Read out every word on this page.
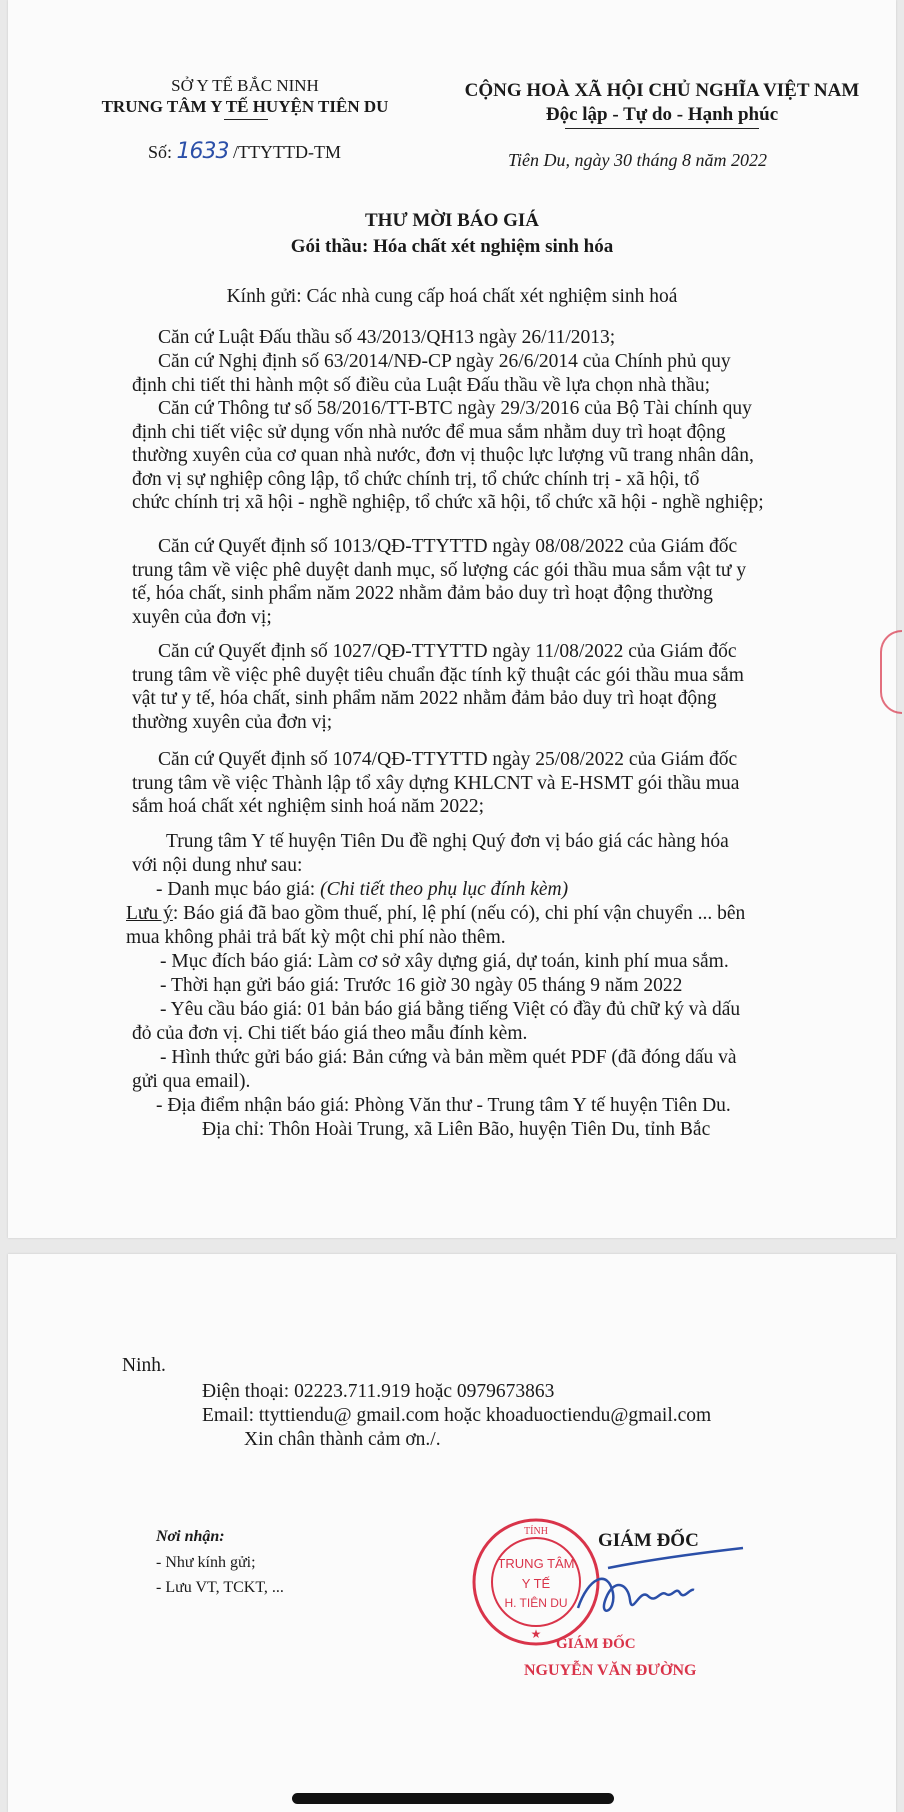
SỞ Y TẾ BẮC NINH
TRUNG TÂM Y TẾ HUYỆN TIÊN DU
Số: 1633 /TTYTTD-TM
CỘNG HOÀ XÃ HỘI CHỦ NGHĨA VIỆT NAM
Độc lập - Tự do - Hạnh phúc
Tiên Du, ngày 30 tháng 8 năm 2022
THƯ MỜI BÁO GIÁ
Gói thầu: Hóa chất xét nghiệm sinh hóa
Kính gửi: Các nhà cung cấp hoá chất xét nghiệm sinh hoá
Căn cứ Luật Đấu thầu số 43/2013/QH13 ngày 26/11/2013;
Căn cứ Nghị định số 63/2014/NĐ-CP ngày 26/6/2014 của Chính phủ quy
định chi tiết thi hành một số điều của Luật Đấu thầu về lựa chọn nhà thầu;
Căn cứ Thông tư số 58/2016/TT-BTC ngày 29/3/2016 của Bộ Tài chính quy
định chi tiết việc sử dụng vốn nhà nước để mua sắm nhằm duy trì hoạt động
thường xuyên của cơ quan nhà nước, đơn vị thuộc lực lượng vũ trang nhân dân,
đơn vị sự nghiệp công lập, tổ chức chính trị, tổ chức chính trị - xã hội, tổ
chức chính trị xã hội - nghề nghiệp, tổ chức xã hội, tổ chức xã hội - nghề nghiệp;
Căn cứ Quyết định số 1013/QĐ-TTYTTD ngày 08/08/2022 của Giám đốc
trung tâm về việc phê duyệt danh mục, số lượng các gói thầu mua sắm vật tư y
tế, hóa chất, sinh phẩm năm 2022 nhằm đảm bảo duy trì hoạt động thường
xuyên của đơn vị;
Căn cứ Quyết định số 1027/QĐ-TTYTTD ngày 11/08/2022 của Giám đốc
trung tâm về việc phê duyệt tiêu chuẩn đặc tính kỹ thuật các gói thầu mua sắm
vật tư y tế, hóa chất, sinh phẩm năm 2022 nhằm đảm bảo duy trì hoạt động
thường xuyên của đơn vị;
Căn cứ Quyết định số 1074/QĐ-TTYTTD ngày 25/08/2022 của Giám đốc
trung tâm về việc Thành lập tổ xây dựng KHLCNT và E-HSMT gói thầu mua
sắm hoá chất xét nghiệm sinh hoá năm 2022;
Trung tâm Y tế huyện Tiên Du đề nghị Quý đơn vị báo giá các hàng hóa
với nội dung như sau:
- Danh mục báo giá: (Chi tiết theo phụ lục đính kèm)
Lưu ý: Báo giá đã bao gồm thuế, phí, lệ phí (nếu có), chi phí vận chuyển ... bên
mua không phải trả bất kỳ một chi phí nào thêm.
- Mục đích báo giá: Làm cơ sở xây dựng giá, dự toán, kinh phí mua sắm.
- Thời hạn gửi báo giá: Trước 16 giờ 30 ngày 05 tháng 9 năm 2022
- Yêu cầu báo giá: 01 bản báo giá bằng tiếng Việt có đầy đủ chữ ký và dấu
đỏ của đơn vị. Chi tiết báo giá theo mẫu đính kèm.
- Hình thức gửi báo giá: Bản cứng và bản mềm quét PDF (đã đóng dấu và
gửi qua email).
- Địa điểm nhận báo giá: Phòng Văn thư - Trung tâm Y tế huyện Tiên Du.
Địa chỉ: Thôn Hoài Trung, xã Liên Bão, huyện Tiên Du, tỉnh Bắc
Ninh.
Điện thoại: 02223.711.919 hoặc 0979673863
Email: ttyttiendu@ gmail.com hoặc khoaduoctiendu@gmail.com
Xin chân thành cảm ơn./.
Nơi nhận:
- Như kính gửi;
- Lưu VT, TCKT, ...
GIÁM ĐỐC
TỈNH
★
TRUNG TÂM
Y TẾ
H. TIÊN DU
GIÁM ĐỐC
NGUYỄN VĂN ĐƯỜNG
